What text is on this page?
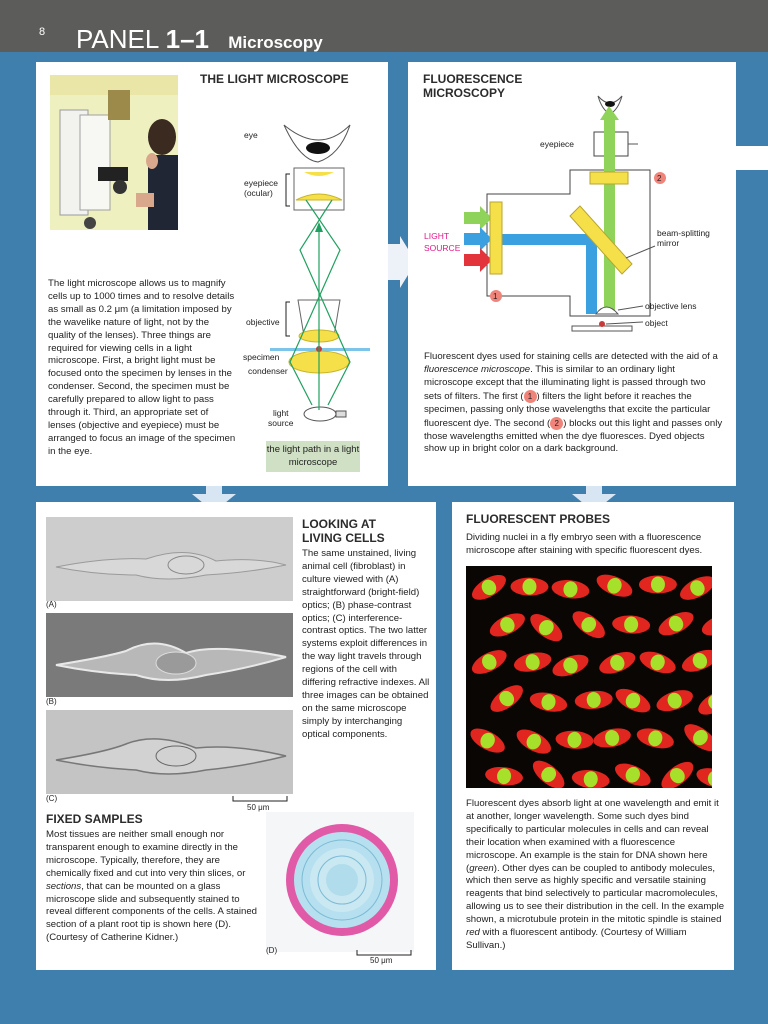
8 PANEL 1–1 Microscopy
THE LIGHT MICROSCOPE
eye
eyepiece
(ocular)
objective
specimen
condenser
light
source
the light path in a light microscope
The light microscope allows us to magnify cells up to 1000 times and to resolve details as small as 0.2 μm (a limitation imposed by the wavelike nature of light, not by the quality of the lenses). Three things are required for viewing cells in a light microscope. First, a bright light must be focused onto the specimen by lenses in the condenser. Second, the specimen must be carefully prepared to allow light to pass through it. Third, an appropriate set of lenses (objective and eyepiece) must be arranged to focus an image of the specimen in the eye.
FLUORESCENCE
MICROSCOPY
1
2
eyepiece
LIGHT
SOURCE
beam-splitting
mirror
objective lens
object
Fluorescent dyes used for staining cells are detected with the aid of a fluorescence microscope. This is similar to an ordinary light microscope except that the illuminating light is passed through two sets of filters. The first ( 1 ) filters the light before it reaches the specimen, passing only those wavelengths that excite the particular fluorescent dye. The second ( 2 ) blocks out this light and passes only those wavelengths emitted when the dye fluoresces. Dyed objects show up in bright color on a dark background.
(A)
(B)
(C)
50 μm
LOOKING AT
LIVING CELLS
The same unstained, living animal cell (fibroblast) in culture viewed with (A) straightforward (bright-field) optics; (B) phase-contrast optics; (C) interference-contrast optics. The two latter systems exploit differences in the way light travels through regions of the cell with differing refractive indexes. All three images can be obtained on the same microscope simply by interchanging optical components.
FIXED SAMPLES
Most tissues are neither small enough nor transparent enough to examine directly in the microscope. Typically, therefore, they are chemically fixed and cut into very thin slices, or sections, that can be mounted on a glass microscope slide and subsequently stained to reveal different components of the cells. A stained section of a plant root tip is shown here (D). (Courtesy of Catherine Kidner.)
(D)
50 μm
FLUORESCENT PROBES
Dividing nuclei in a fly embryo seen with a fluorescence microscope after staining with specific fluorescent dyes.
Fluorescent dyes absorb light at one wavelength and emit it at another, longer wavelength. Some such dyes bind specifically to particular molecules in cells and can reveal their location when examined with a fluorescence microscope. An example is the stain for DNA shown here (green). Other dyes can be coupled to antibody molecules, which then serve as highly specific and versatile staining reagents that bind selectively to particular macromolecules, allowing us to see their distribution in the cell. In the example shown, a microtubule protein in the mitotic spindle is stained red with a fluorescent antibody. (Courtesy of William Sullivan.)
